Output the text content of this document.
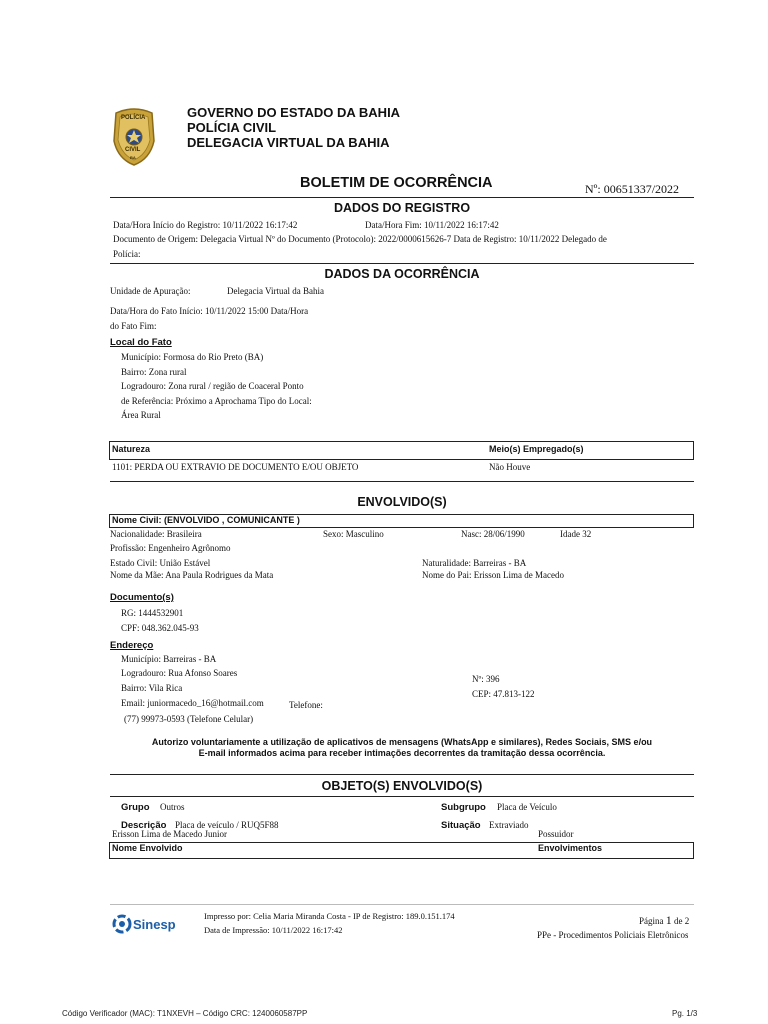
POLÍCIA
CIVIL
BA
GOVERNO DO ESTADO DA BAHIA
POLÍCIA CIVIL
DELEGACIA VIRTUAL DA BAHIA
BOLETIM DE OCORRÊNCIA	Nº: 00651337/2022
DADOS DO REGISTRO
Data/Hora Início do Registro: 10/11/2022 16:17:42	Data/Hora Fim: 10/11/2022 16:17:42
Documento de Origem: Delegacia Virtual Nº do Documento (Protocolo): 2022/0000615626-7 Data de Registro: 10/11/2022 Delegado de
Polícia:
DADOS DA OCORRÊNCIA
Unidade de Apuração:	Delegacia Virtual da Bahia
Data/Hora do Fato Início: 10/11/2022 15:00 Data/Hora
do Fato Fim:
Local do Fato
Município: Formosa do Rio Preto (BA)
Bairro: Zona rural
Logradouro: Zona rural / região de Coaceral Ponto
de Referência: Próximo a Aprochama Tipo do Local:
Área Rural
Natureza	Meio(s) Empregado(s)
1101: PERDA OU EXTRAVIO DE DOCUMENTO E/OU OBJETO	Não Houve
ENVOLVIDO(S)
Nome Civil: (ENVOLVIDO , COMUNICANTE )
Nacionalidade: Brasileira	Sexo: Masculino	Nasc: 28/06/1990	Idade 32
Profissão: Engenheiro Agrônomo
Estado Civil: União Estável	Naturalidade: Barreiras - BA
Nome da Mãe: Ana Paula Rodrigues da Mata	Nome do Pai: Erisson Lima de Macedo
Documento(s)
RG: 1444532901
CPF: 048.362.045-93
Endereço
Município: Barreiras - BA
Logradouro: Rua Afonso Soares
Nº: 396
Bairro: Vila Rica
CEP: 47.813-122
Email: juniormacedo_16@hotmail.com	Telefone:
(77) 99973-0593 (Telefone Celular)
Autorizo voluntariamente a utilização de aplicativos de mensagens (WhatsApp e similares), Redes Sociais, SMS e/ou
E-mail informados acima para receber intimações decorrentes da tramitação dessa ocorrência.
OBJETO(S) ENVOLVIDO(S)
Grupo Outros	Subgrupo Placa de Veículo
Descrição Placa de veículo / RUQ5F88	Situação Extraviado
Erisson Lima de Macedo Junior	Possuidor
Nome Envolvido	Envolvimentos
Sinesp
Impresso por: Celia Maria Miranda Costa - IP de Registro: 189.0.151.174
Data de Impressão: 10/11/2022 16:17:42
Página 1 de 2
PPe - Procedimentos Policiais Eletrônicos
Código Verificador (MAC): T1NXEVH – Código CRC: 1240060587PP	Pg. 1/3
